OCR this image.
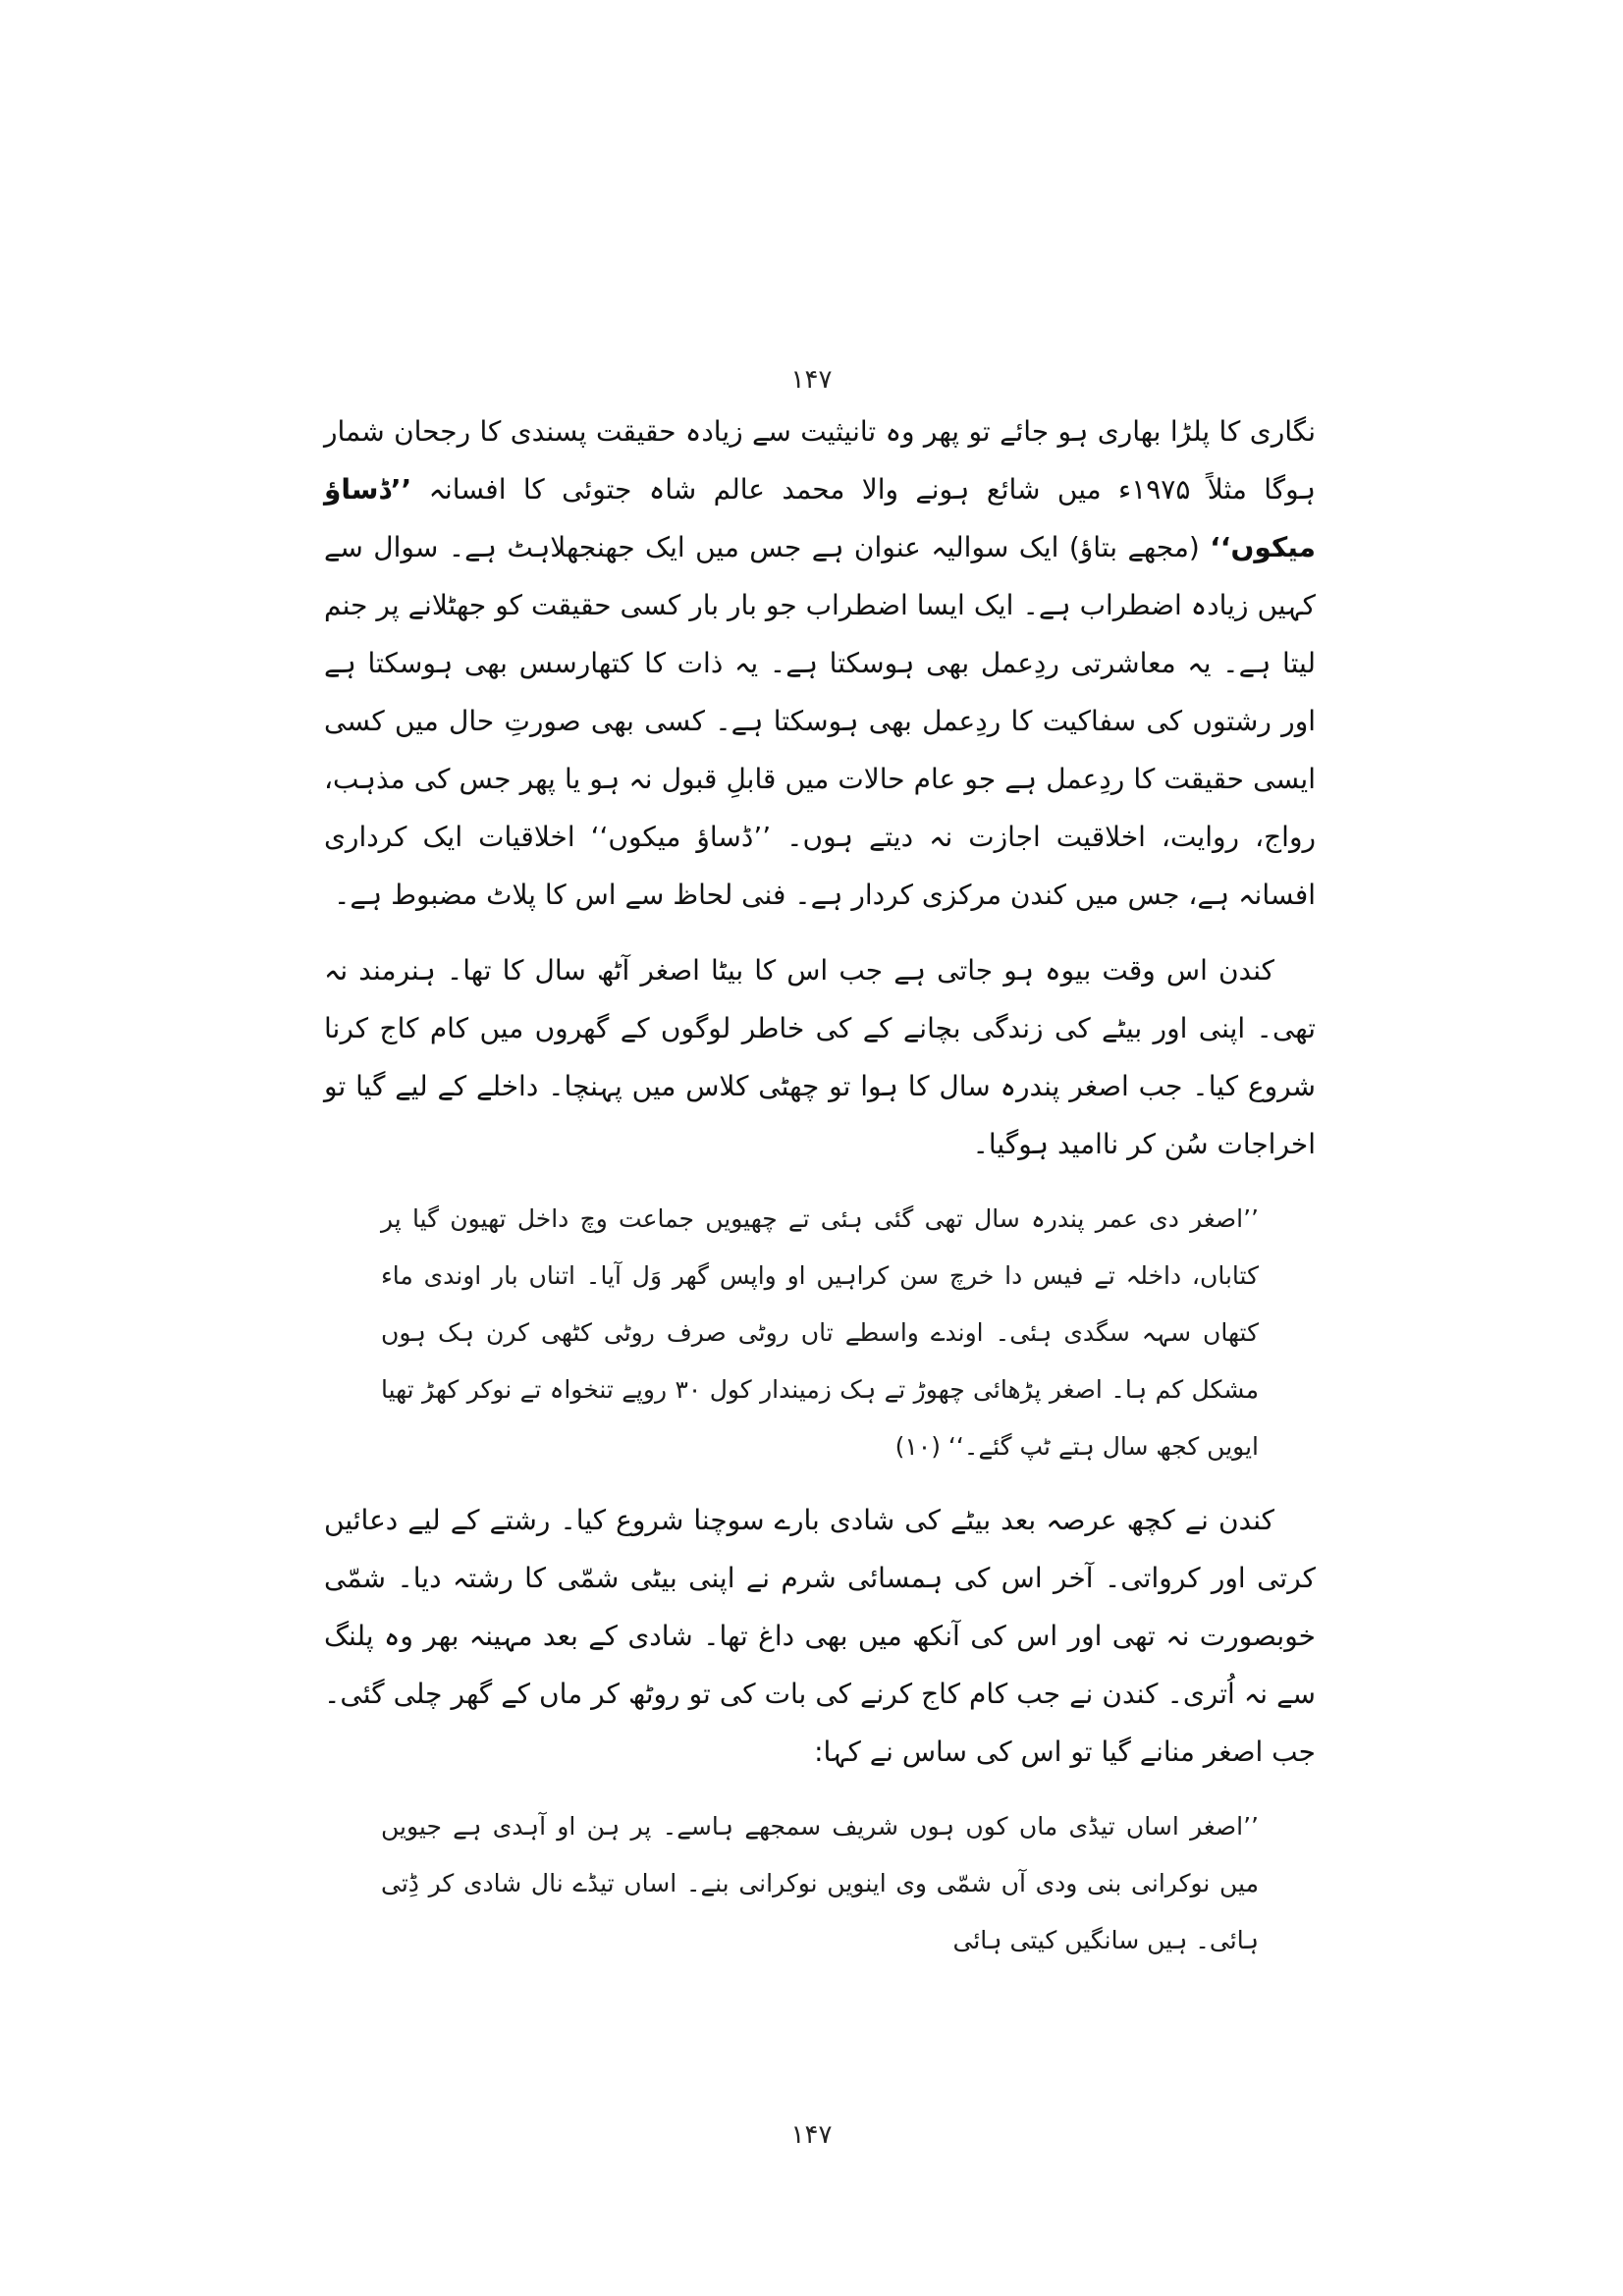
۱۴۷

نگاری کا پلڑا بھاری ہو جائے تو پھر وہ تانیثیت سے زیادہ حقیقت پسندی کا رجحان شمار ہوگا مثلاً ۱۹۷۵ء میں شائع ہونے والا محمد عالم شاہ جتوئی کا افسانہ ’’ڈساؤ میکوں‘‘ (مجھے بتاؤ) ایک سوالیہ عنوان ہے جس میں ایک جھنجھلاہٹ ہے۔ سوال سے کہیں زیادہ اضطراب ہے۔ ایک ایسا اضطراب جو بار بار کسی حقیقت کو جھٹلانے پر جنم لیتا ہے۔ یہ معاشرتی ردِعمل بھی ہوسکتا ہے۔ یہ ذات کا کتھارسس بھی ہوسکتا ہے اور رشتوں کی سفاکیت کا ردِعمل بھی ہوسکتا ہے۔ کسی بھی صورتِ حال میں کسی ایسی حقیقت کا ردِعمل ہے جو عام حالات میں قابلِ قبول نہ ہو یا پھر جس کی مذہب، رواج، روایت، اخلاقیت اجازت نہ دیتے ہوں۔ ’’ڈساؤ میکوں‘‘ اخلاقیات ایک کرداری افسانہ ہے، جس میں کندن مرکزی کردار ہے۔ فنی لحاظ سے اس کا پلاٹ مضبوط ہے۔

کندن اس وقت بیوہ ہو جاتی ہے جب اس کا بیٹا اصغر آٹھ سال کا تھا۔ ہنرمند نہ تھی۔ اپنی اور بیٹے کی زندگی بچانے کے کی خاطر لوگوں کے گھروں میں کام کاج کرنا شروع کیا۔ جب اصغر پندرہ سال کا ہوا تو چھٹی کلاس میں پہنچا۔ داخلے کے لیے گیا تو اخراجات سُن کر ناامید ہوگیا۔

’’اصغر دی عمر پندرہ سال تھی گئی ہئی تے چھیویں جماعت وچ داخل تھیون گیا پر کتاباں، داخلہ تے فیس دا خرچ سن کراہیں او واپس گھر وَل آیا۔ اتناں بار اوندی ماء کتھاں سہہ سگدی ہئی۔ اوندے واسطے تاں روٹی صرف روٹی کٹھی کرن ہک ہوں مشکل کم ہا۔ اصغر پڑھائی چھوڑ تے ہک زمیندار کول ۳۰ روپے تنخواہ تے نوکر کھڑ تھیا ایویں کجھ سال ہتے ٹپ گئے۔‘‘ (۱۰)

کندن نے کچھ عرصہ بعد بیٹے کی شادی بارے سوچنا شروع کیا۔ رشتے کے لیے دعائیں کرتی اور کرواتی۔ آخر اس کی ہمسائی شرم نے اپنی بیٹی شمّی کا رشتہ دیا۔ شمّی خوبصورت نہ تھی اور اس کی آنکھ میں بھی داغ تھا۔ شادی کے بعد مہینہ بھر وہ پلنگ سے نہ اُتری۔ کندن نے جب کام کاج کرنے کی بات کی تو روٹھ کر ماں کے گھر چلی گئی۔ جب اصغر منانے گیا تو اس کی ساس نے کہا:

’’اصغر اساں تیڈی ماں کوں ہوں شریف سمجھے ہاسے۔ پر ہن او آہدی ہے جیویں میں نوکرانی بنی ودی آں شمّی وی اینویں نوکرانی بنے۔ اساں تیڈے نال شادی کر ڈِتی ہائی۔ ہیں سانگیں کیتی ہائی

۱۴۷
